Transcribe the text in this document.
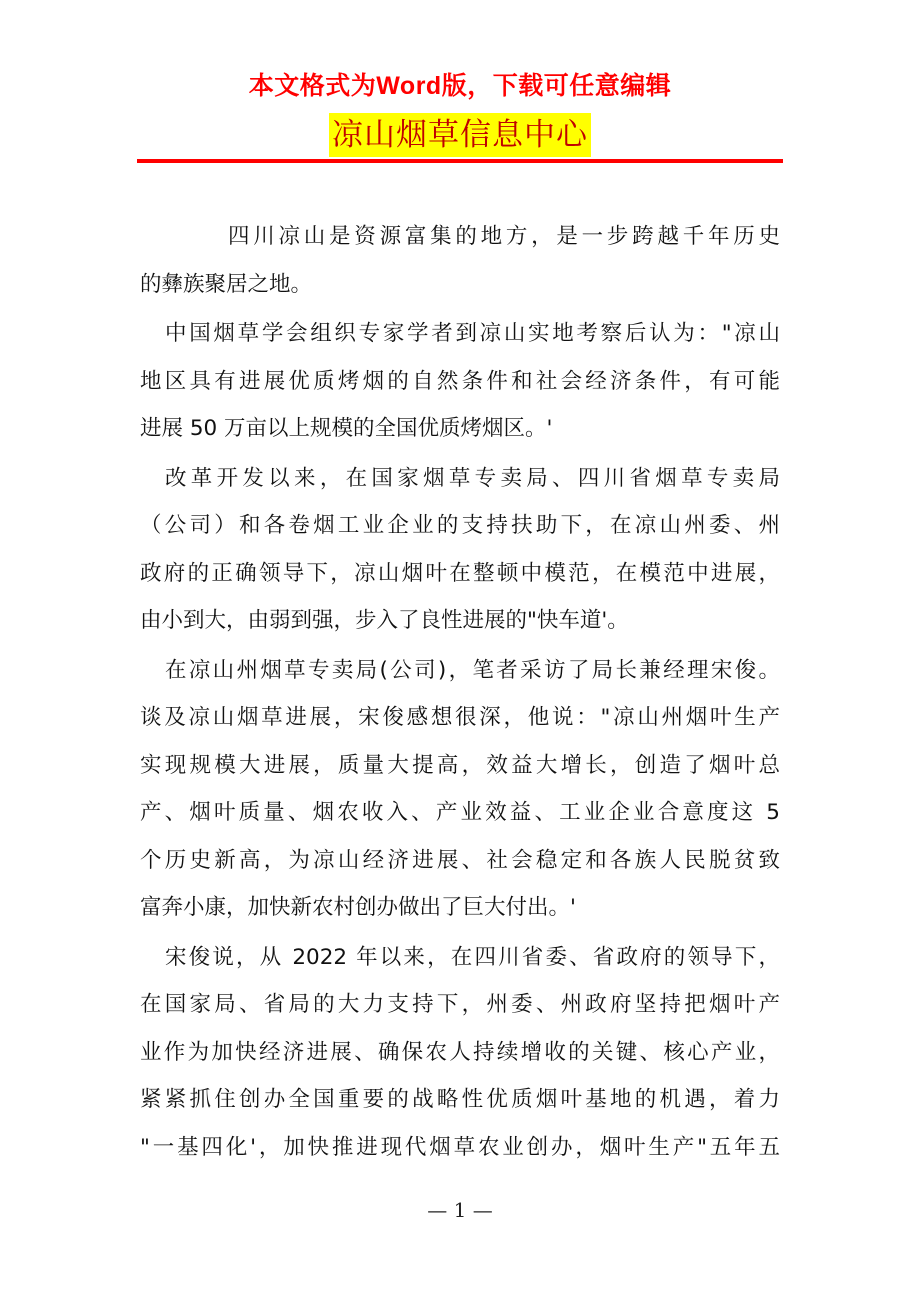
本文格式为Word版，下载可任意编辑
凉山烟草信息中心
四川凉山是资源富集的地方，是一步跨越千年历史
的彝族聚居之地。
中国烟草学会组织专家学者到凉山实地考察后认为："凉山
地区具有进展优质烤烟的自然条件和社会经济条件，有可能
进展 50 万亩以上规模的全国优质烤烟区。'
改革开发以来，在国家烟草专卖局、四川省烟草专卖局
（公司）和各卷烟工业企业的支持扶助下，在凉山州委、州
政府的正确领导下，凉山烟叶在整顿中模范，在模范中进展，
由小到大，由弱到强，步入了良性进展的"快车道'。
在凉山州烟草专卖局(公司)，笔者采访了局长兼经理宋俊。
谈及凉山烟草进展，宋俊感想很深，他说："凉山州烟叶生产
实现规模大进展，质量大提高，效益大增长，创造了烟叶总
产、烟叶质量、烟农收入、产业效益、工业企业合意度这 5
个历史新高，为凉山经济进展、社会稳定和各族人民脱贫致
富奔小康，加快新农村创办做出了巨大付出。'
宋俊说，从 2022 年以来，在四川省委、省政府的领导下，
在国家局、省局的大力支持下，州委、州政府坚持把烟叶产
业作为加快经济进展、确保农人持续增收的关键、核心产业，
紧紧抓住创办全国重要的战略性优质烟叶基地的机遇，着力
"一基四化'，加快推进现代烟草农业创办，烟叶生产"五年五
— 1 —
